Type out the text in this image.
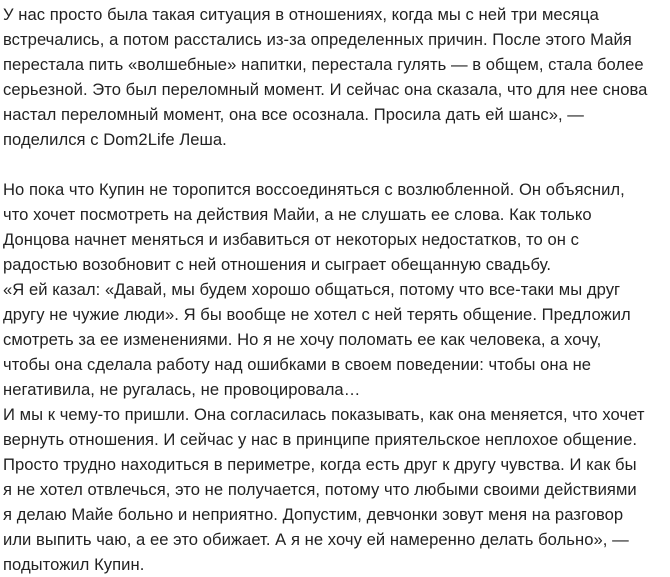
У нас просто была такая ситуация в отношениях, когда мы с ней три месяца
встречались, а потом расстались из-за определенных причин. После этого Майя
перестала пить «волшебные» напитки, перестала гулять — в общем, стала более
серьезной. Это был переломный момент. И сейчас она сказала, что для нее снова
настал переломный момент, она все осознала. Просила дать ей шанс», —
поделился с Dom2Life Леша.
Но пока что Купин не торопится воссоединяться с возлюбленной. Он объяснил,
что хочет посмотреть на действия Майи, а не слушать ее слова. Как только
Донцова начнет меняться и избавиться от некоторых недостатков, то он с
радостью возобновит с ней отношения и сыграет обещанную свадьбу.
«Я ей казал: «Давай, мы будем хорошо общаться, потому что все-таки мы друг
другу не чужие люди». Я бы вообще не хотел с ней терять общение. Предложил
смотреть за ее изменениями. Но я не хочу поломать ее как человека, а хочу,
чтобы она сделала работу над ошибками в своем поведении: чтобы она не
негативила, не ругалась, не провоцировала…
И мы к чему-то пришли. Она согласилась показывать, как она меняется, что хочет
вернуть отношения. И сейчас у нас в принципе приятельское неплохое общение.
Просто трудно находиться в периметре, когда есть друг к другу чувства. И как бы
я не хотел отвлечься, это не получается, потому что любыми своими действиями
я делаю Майе больно и неприятно. Допустим, девчонки зовут меня на разговор
или выпить чаю, а ее это обижает. А я не хочу ей намеренно делать больно», —
подытожил Купин.
